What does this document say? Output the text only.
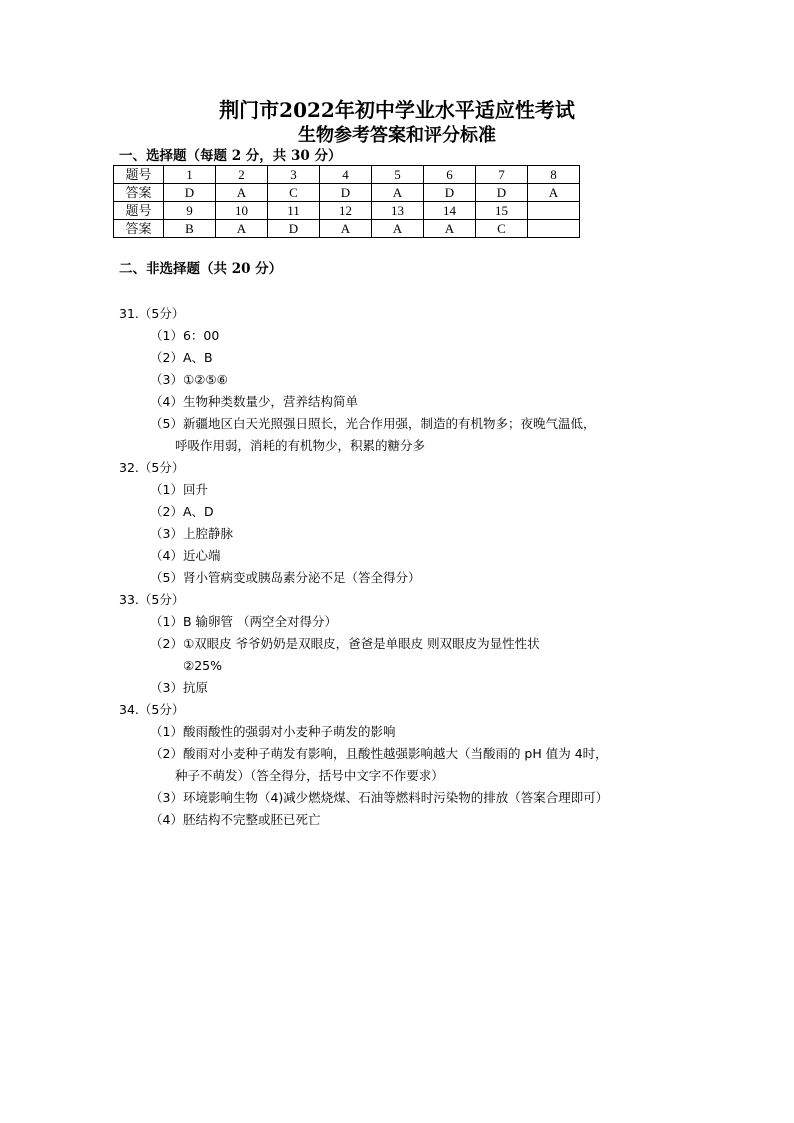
荆门市2022年初中学业水平适应性考试
生物参考答案和评分标准

一、选择题（每题 2 分，共 30 分）

题号	1	2	3	4	5	6	7	8
答案	D	A	C	D	A	D	D	A
题号	9	10	11	12	13	14	15	
答案	B	A	D	A	A	A	C	

二、非选择题（共 20 分）

31.（5分）

（1）6：00

（2）A、B

（3）①②⑤⑥

（4）生物种类数量少，营养结构简单

（5）新疆地区白天光照强日照长，光合作用强，制造的有机物多；夜晚气温低，

呼吸作用弱，消耗的有机物少，积累的糖分多

32.（5分）

（1）回升

（2）A、D

（3）上腔静脉

（4）近心端

（5）肾小管病变或胰岛素分泌不足（答全得分）

33.（5分）

（1）B 输卵管 （两空全对得分）

（2）①双眼皮 爷爷奶奶是双眼皮，爸爸是单眼皮 则双眼皮为显性性状

②25%

（3）抗原

34.（5分）

（1）酸雨酸性的强弱对小麦种子萌发的影响

（2）酸雨对小麦种子萌发有影响，且酸性越强影响越大（当酸雨的 pH 值为 4时，

种子不萌发）（答全得分，括号中文字不作要求）

（3）环境影响生物（4)减少燃烧煤、石油等燃料时污染物的排放（答案合理即可）

（4）胚结构不完整或胚已死亡
